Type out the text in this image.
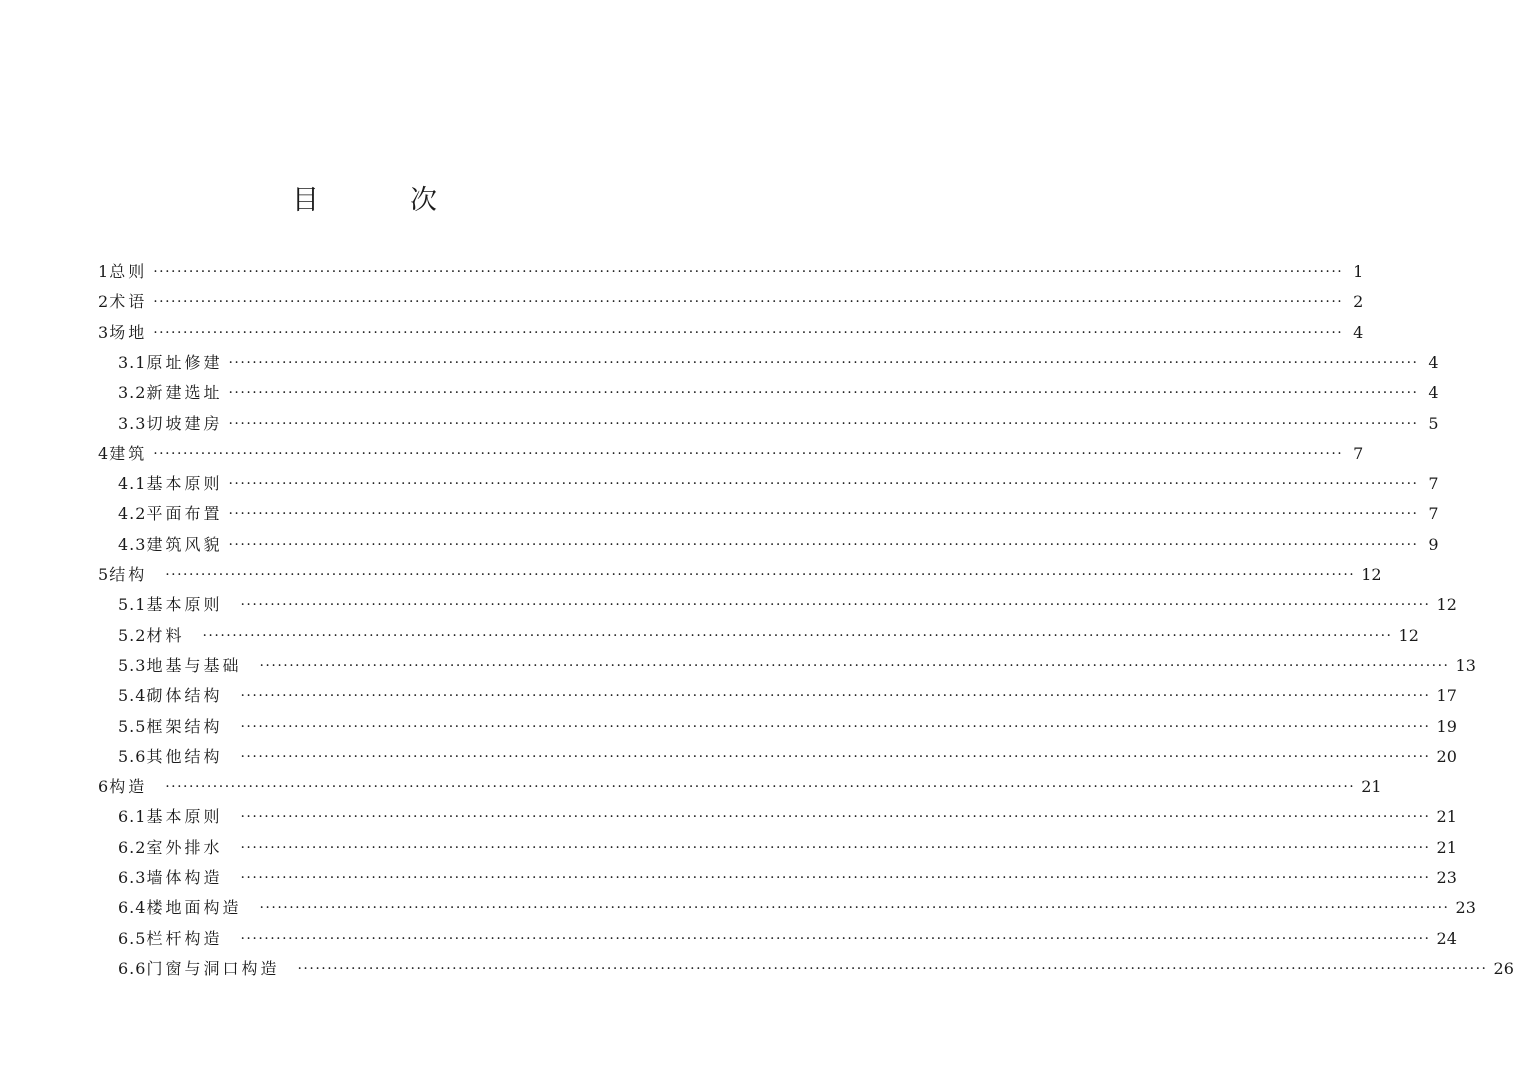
目　次
1 总则 ········································································································································································································ 1
2 术语 ········································································································································································································ 2
3 场地 ········································································································································································································ 4
3.1 原址修建 ········································································································································································································ 4
3.2 新建选址 ········································································································································································································ 4
3.3 切坡建房 ········································································································································································································ 5
4 建筑 ········································································································································································································ 7
4.1 基本原则 ········································································································································································································ 7
4.2 平面布置 ········································································································································································································ 7
4.3 建筑风貌 ········································································································································································································ 9
5 结构 ········································································································································································································ 12
5.1 基本原则 ········································································································································································································ 12
5.2 材料 ········································································································································································································ 12
5.3 地基与基础 ········································································································································································································ 13
5.4 砌体结构 ········································································································································································································ 17
5.5 框架结构 ········································································································································································································ 19
5.6 其他结构 ········································································································································································································ 20
6 构造 ········································································································································································································ 21
6.1 基本原则 ········································································································································································································ 21
6.2 室外排水 ········································································································································································································ 21
6.3 墙体构造 ········································································································································································································ 23
6.4 楼地面构造 ········································································································································································································ 23
6.5 栏杆构造 ········································································································································································································ 24
6.6 门窗与洞口构造 ········································································································································································································ 26
